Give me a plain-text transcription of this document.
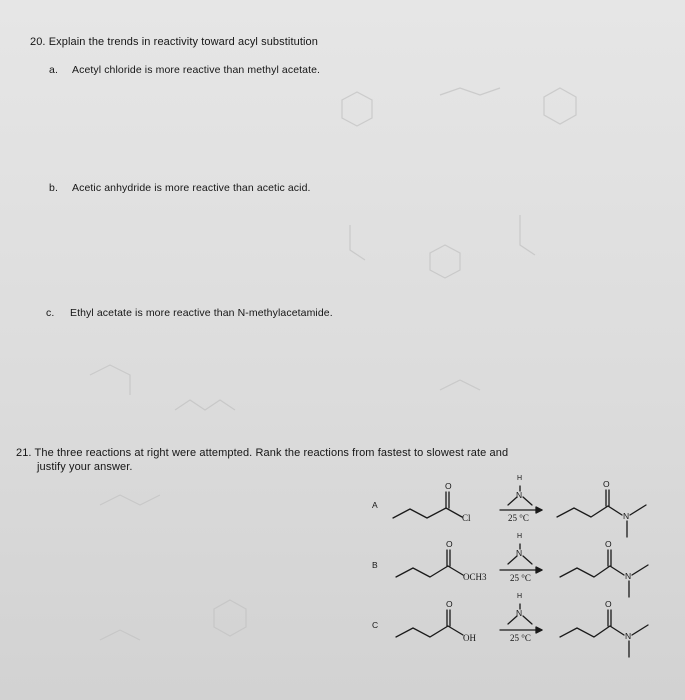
20. Explain the trends in reactivity toward acyl substitution
a. Acetyl chloride is more reactive than methyl acetate.
b. Acetic anhydride is more reactive than acetic acid.
c. Ethyl acetate is more reactive than N-methylacetamide.
21. The three reactions at right were attempted. Rank the reactions from fastest to slowest rate and
justify your answer.
A
O
Cl
H
N
25 °C
O
N
B
O
OCH3
H
N
25 °C
O
N
C
O
OH
H
N
25 °C
O
N
